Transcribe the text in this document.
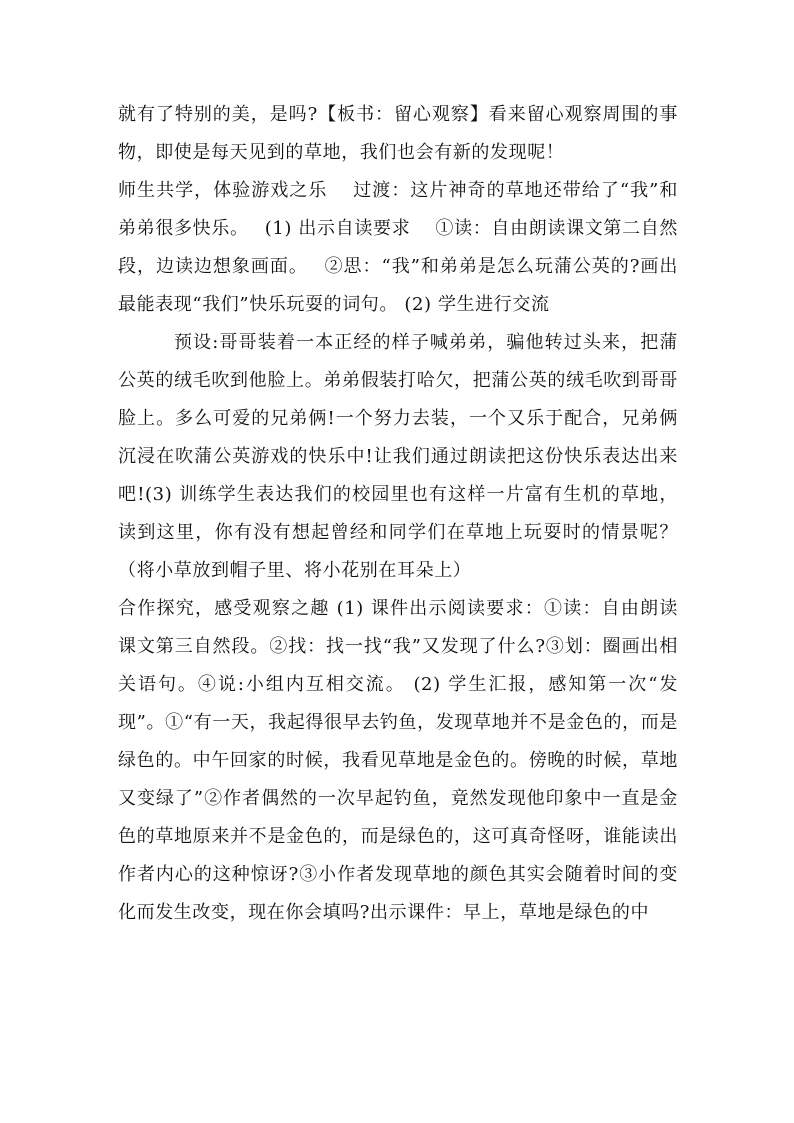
就有了特别的美，是吗?【板书：留心观察】看来留心观察周围的事物，即使是每天见到的草地，我们也会有新的发现呢！

师生共学，体验游戏之乐　 过渡：这片神奇的草地还带给了“我”和弟弟很多快乐。　 (1) 出示自读要求　 ①读：自由朗读课文第二自然段，边读边想象画面。　 ②思：“我”和弟弟是怎么玩蒲公英的?画出最能表现“我们”快乐玩耍的词句。 (2) 学生进行交流

预设:哥哥装着一本正经的样子喊弟弟，骗他转过头来，把蒲公英的绒毛吹到他脸上。弟弟假装打哈欠，把蒲公英的绒毛吹到哥哥脸上。多么可爱的兄弟俩!一个努力去装，一个又乐于配合，兄弟俩沉浸在吹蒲公英游戏的快乐中!让我们通过朗读把这份快乐表达出来吧!(3) 训练学生表达我们的校园里也有这样一片富有生机的草地，读到这里，你有没有想起曾经和同学们在草地上玩耍时的情景呢？（将小草放到帽子里、将小花别在耳朵上）

合作探究，感受观察之趣 (1) 课件出示阅读要求：①读：自由朗读课文第三自然段。②找：找一找“我”又发现了什么?③划：圈画出相关语句。④说:小组内互相交流。 (2) 学生汇报，感知第一次“发现”。①“有一天，我起得很早去钓鱼，发现草地并不是金色的，而是绿色的。中午回家的时候，我看见草地是金色的。傍晚的时候，草地又变绿了”②作者偶然的一次早起钓鱼，竟然发现他印象中一直是金色的草地原来并不是金色的，而是绿色的，这可真奇怪呀，谁能读出作者内心的这种惊讶?③小作者发现草地的颜色其实会随着时间的变化而发生改变，现在你会填吗?出示课件：早上，草地是绿色的中
